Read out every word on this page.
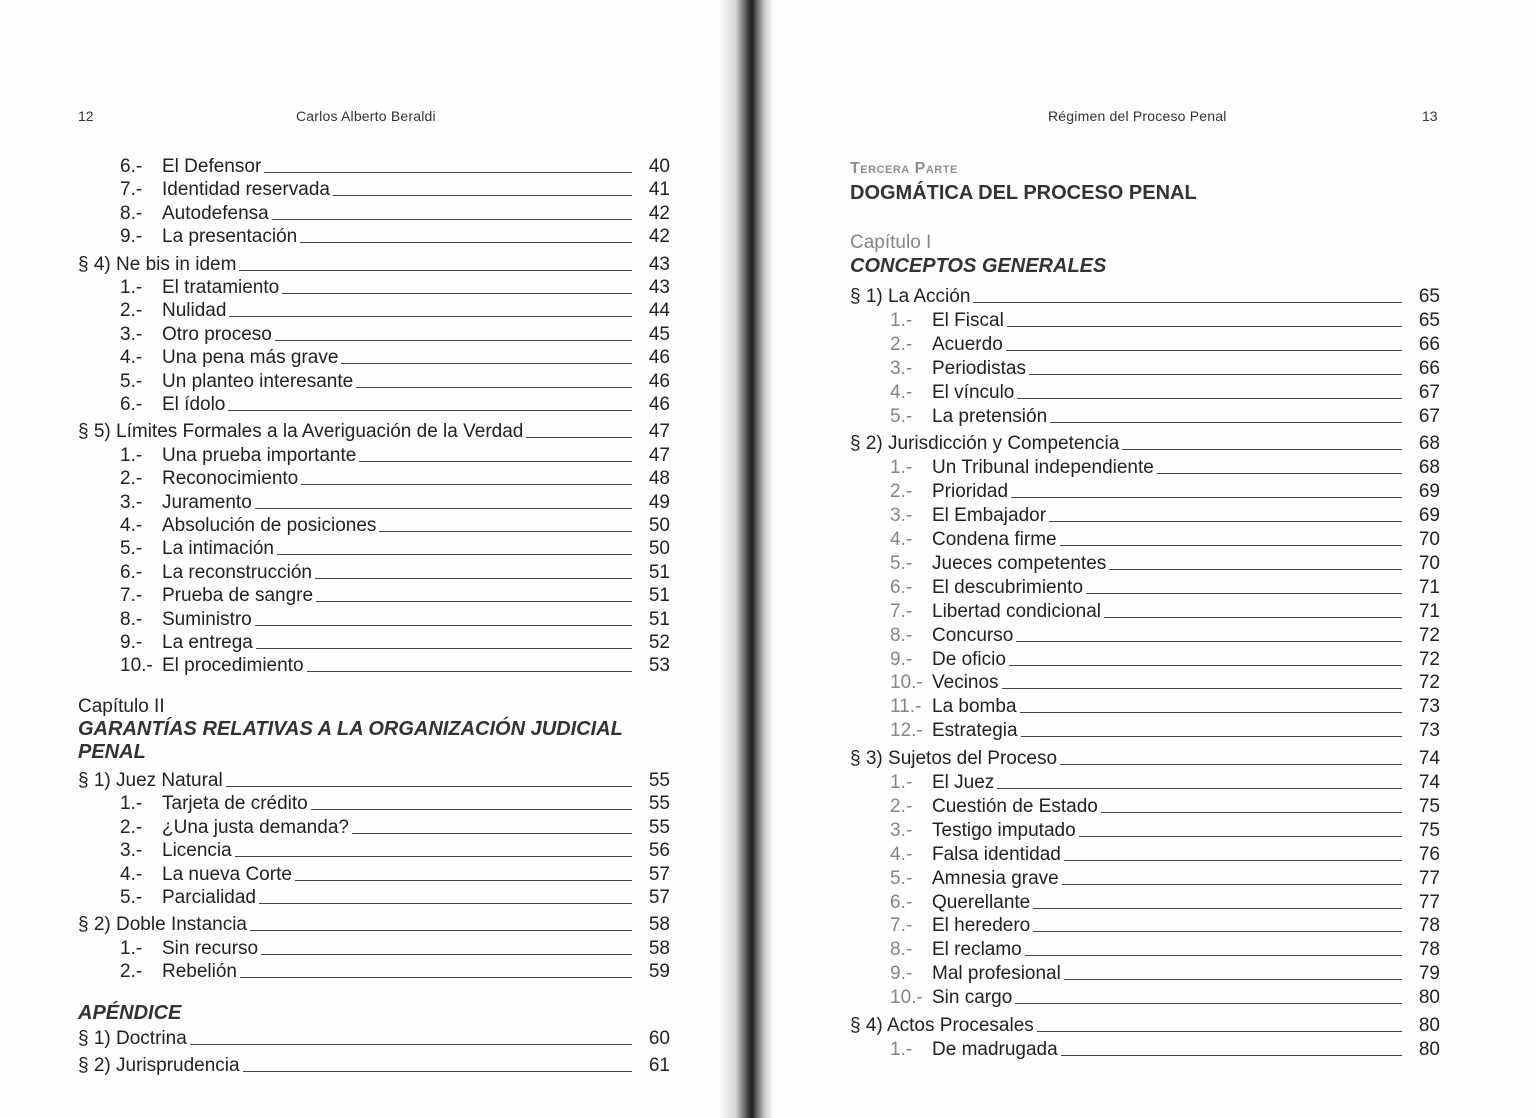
12	Carlos Alberto Beraldi
6.-	El Defensor	40
7.-	Identidad reservada	41
8.-	Autodefensa	42
9.-	La presentación	42
§ 4) Ne bis in idem	43
1.-	El tratamiento	43
2.-	Nulidad	44
3.-	Otro proceso	45
4.-	Una pena más grave	46
5.-	Un planteo interesante	46
6.-	El ídolo	46
§ 5) Límites Formales a la Averiguación de la Verdad	47
1.-	Una prueba importante	47
2.-	Reconocimiento	48
3.-	Juramento	49
4.-	Absolución de posiciones	50
5.-	La intimación	50
6.-	La reconstrucción	51
7.-	Prueba de sangre	51
8.-	Suministro	51
9.-	La entrega	52
10.- El procedimiento	53
Capítulo II
GARANTÍAS RELATIVAS A LA ORGANIZACIÓN JUDICIAL
PENAL
§ 1) Juez Natural	55
1.-	Tarjeta de crédito	55
2.-	¿Una justa demanda?	55
3.-	Licencia	56
4.-	La nueva Corte	57
5.-	Parcialidad	57
§ 2) Doble Instancia	58
1.-	Sin recurso	58
2.-	Rebelión	59
APÉNDICE
§ 1) Doctrina	60
§ 2) Jurisprudencia	61
Régimen del Proceso Penal	13
Tercera Parte
DOGMÁTICA DEL PROCESO PENAL
Capítulo I
CONCEPTOS GENERALES
§ 1) La Acción	65
1.-	El Fiscal	65
2.-	Acuerdo	66
3.-	Periodistas	66
4.-	El vínculo	67
5.-	La pretensión	67
§ 2) Jurisdicción y Competencia	68
1.-	Un Tribunal independiente	68
2.-	Prioridad	69
3.-	El Embajador	69
4.-	Condena firme	70
5.-	Jueces competentes	70
6.-	El descubrimiento	71
7.-	Libertad condicional	71
8.-	Concurso	72
9.-	De oficio	72
10.- Vecinos	72
11.- La bomba	73
12.- Estrategia	73
§ 3) Sujetos del Proceso	74
1.-	El Juez	74
2.-	Cuestión de Estado	75
3.-	Testigo imputado	75
4.-	Falsa identidad	76
5.-	Amnesia grave	77
6.-	Querellante	77
7.-	El heredero	78
8.-	El reclamo	78
9.-	Mal profesional	79
10.- Sin cargo	80
§ 4) Actos Procesales	80
1.-	De madrugada	80
